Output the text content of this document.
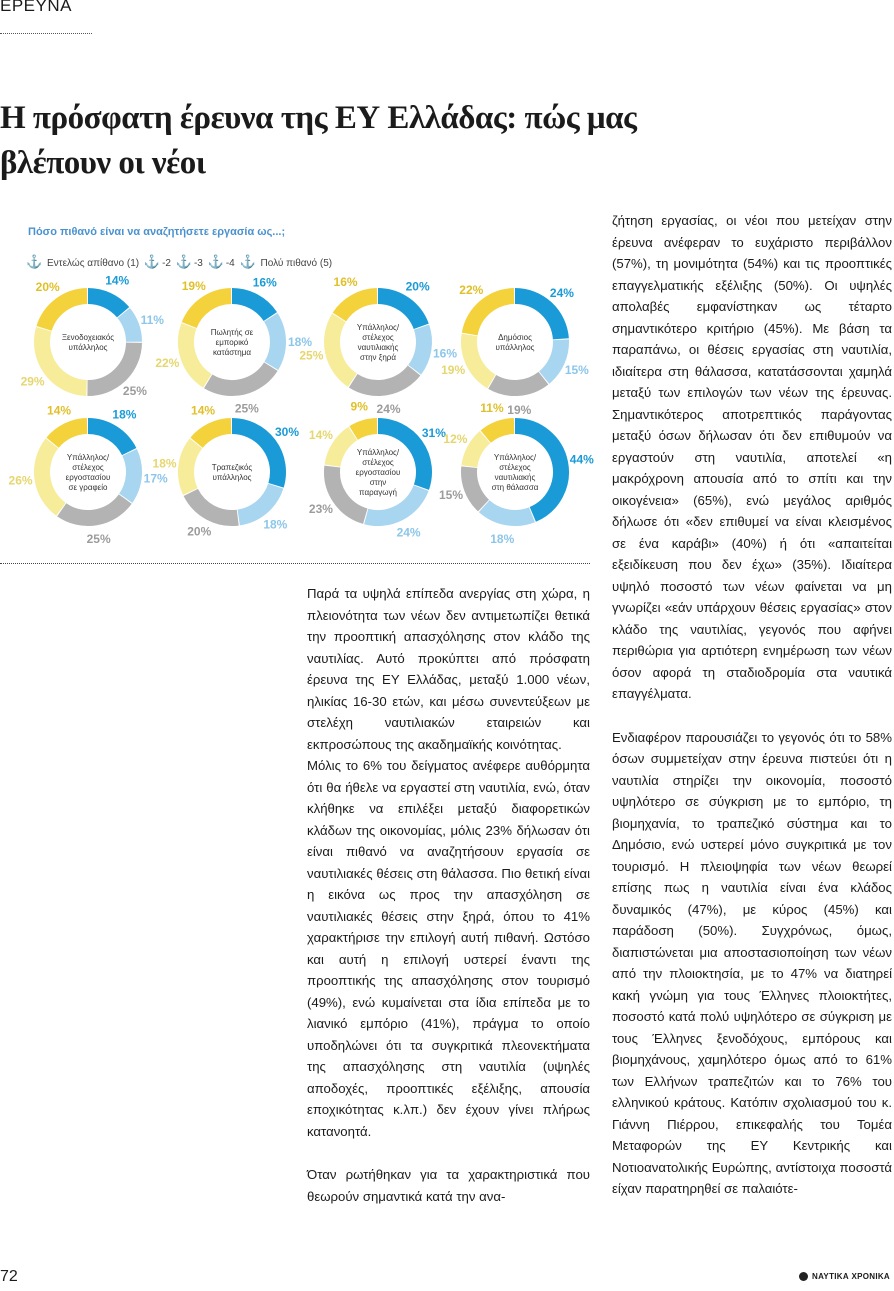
ΕΡΕΥΝΑ
Η πρόσφατη έρευνα της ΕΥ Ελλάδας: πώς μας βλέπουν οι νέοι
14%
11%
25%
29%
20%
Ξενοδοχειακός υπάλληλος
16%
18%
25%
22%
19%
Πωλητής σε εμπορικό κατάστημα
20%
16%
24%
25%
16%
Υπάλληλος/ στέλεχος ναυτιλιακής στην ξηρά
24%
15%
19%
19%
22%
Δημόσιος υπάλληλος
18%
17%
25%
26%
14%
Υπάλληλος/ στέλεχος εργοστασίου σε γραφείο
30%
18%
20%
18%
14%
Τραπεζικός υπάλληλος
31%
24%
23%
14%
9%
Υπάλληλος/ στέλεχος εργοστασίου στην παραγωγή
44%
18%
15%
12%
11%
Υπάλληλος/ στέλεχος ναυτιλιακής στη θάλασσα
Πόσο πιθανό είναι να αναζητήσετε εργασία ως...;
⚓ Εντελώς απίθανο (1) ⚓ -2 ⚓ -3 ⚓ -4 ⚓ Πολύ πιθανό (5)

Παρά τα υψηλά επίπεδα ανεργίας στη χώρα, η πλειονότητα των νέων δεν αντιμετωπίζει θετικά την προοπτική απασχόλησης στον κλάδο της ναυτιλίας. Αυτό προκύπτει από πρόσφατη έρευνα της ΕΥ Ελλάδας, μεταξύ 1.000 νέων, ηλικίας 16-30 ετών, και μέσω συνεντεύξεων με στελέχη ναυτιλιακών εταιρειών και εκπροσώπους της ακαδημαϊκής κοινότητας.

Μόλις το 6% του δείγματος ανέφερε αυθόρμητα ότι θα ήθελε να εργαστεί στη ναυτιλία, ενώ, όταν κλήθηκε να επιλέξει μεταξύ διαφορετικών κλάδων της οικονομίας, μόλις 23% δήλωσαν ότι είναι πιθανό να αναζητήσουν εργασία σε ναυτιλιακές θέσεις στη θάλασσα. Πιο θετική είναι η εικόνα ως προς την απασχόληση σε ναυτιλιακές θέσεις στην ξηρά, όπου το 41% χαρακτήρισε την επιλογή αυτή πιθανή. Ωστόσο και αυτή η επιλογή υστερεί έναντι της προοπτικής της απασχόλησης στον τουρισμό (49%), ενώ κυμαίνεται στα ίδια επίπεδα με το λιανικό εμπόριο (41%), πράγμα το οποίο υποδηλώνει ότι τα συγκριτικά πλεονεκτήματα της απασχόλησης στη ναυτιλία (υψηλές αποδοχές, προοπτικές εξέλιξης, απουσία εποχικότητας κ.λπ.) δεν έχουν γίνει πλήρως κατανοητά.

Όταν ρωτήθηκαν για τα χαρακτηριστικά που θεωρούν σημαντικά κατά την ανα-

ζήτηση εργασίας, οι νέοι που μετείχαν στην έρευνα ανέφεραν το ευχάριστο περιβάλλον (57%), τη μονιμότητα (54%) και τις προοπτικές επαγγελματικής εξέλιξης (50%). Οι υψηλές απολαβές εμφανίστηκαν ως τέταρτο σημαντικότερο κριτήριο (45%). Με βάση τα παραπάνω, οι θέσεις εργασίας στη ναυτιλία, ιδιαίτερα στη θάλασσα, κατατάσσονται χαμηλά μεταξύ των επιλογών των νέων της έρευνας. Σημαντικότερος αποτρεπτικός παράγοντας μεταξύ όσων δήλωσαν ότι δεν επιθυμούν να εργαστούν στη ναυτιλία, αποτελεί «η μακρόχρονη απουσία από το σπίτι και την οικογένεια» (65%), ενώ μεγάλος αριθμός δήλωσε ότι «δεν επιθυμεί να είναι κλεισμένος σε ένα καράβι» (40%) ή ότι «απαιτείται εξειδίκευση που δεν έχω» (35%). Ιδιαίτερα υψηλό ποσοστό των νέων φαίνεται να μη γνωρίζει «εάν υπάρχουν θέσεις εργασίας» στον κλάδο της ναυτιλίας, γεγονός που αφήνει περιθώρια για αρτιότερη ενημέρωση των νέων όσον αφορά τη σταδιοδρομία στα ναυτικά επαγγέλματα.

Ενδιαφέρον παρουσιάζει το γεγονός ότι το 58% όσων συμμετείχαν στην έρευνα πιστεύει ότι η ναυτιλία στηρίζει την οικονομία, ποσοστό υψηλότερο σε σύγκριση με το εμπόριο, τη βιομηχανία, το τραπεζικό σύστημα και το Δημόσιο, ενώ υστερεί μόνο συγκριτικά με τον τουρισμό. Η πλειοψηφία των νέων θεωρεί επίσης πως η ναυτιλία είναι ένα κλάδος δυναμικός (47%), με κύρος (45%) και παράδοση (50%). Συγχρόνως, όμως, διαπιστώνεται μια αποστασιοποίηση των νέων από την πλοιοκτησία, με το 47% να διατηρεί κακή γνώμη για τους Έλληνες πλοιοκτήτες, ποσοστό κατά πολύ υψηλότερο σε σύγκριση με τους Έλληνες ξενοδόχους, εμπόρους και βιομηχάνους, χαμηλότερο όμως από το 61% των Ελλήνων τραπεζιτών και το 76% του ελληνικού κράτους. Κατόπιν σχολιασμού του κ. Γιάννη Πιέρρου, επικεφαλής του Τομέα Μεταφορών της ΕΥ Κεντρικής και Νοτιοανατολικής Ευρώπης, αντίστοιχα ποσοστά είχαν παρατηρηθεί σε παλαιότε-

72	ΝΑΥΤΙΚΑ ΧΡΟΝΙΚΑ
